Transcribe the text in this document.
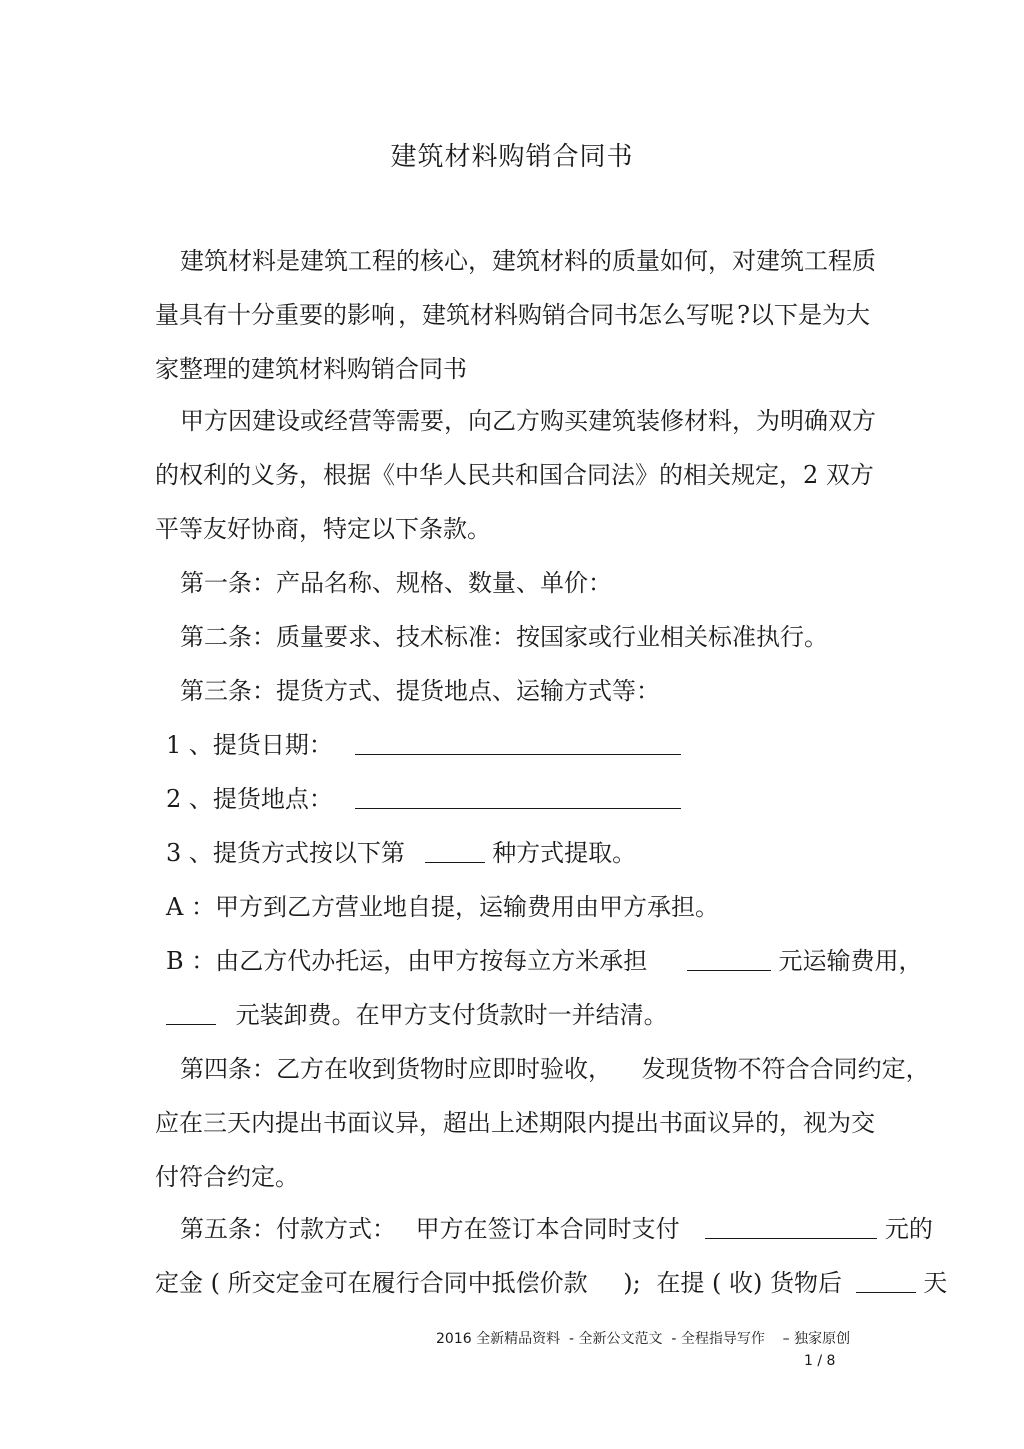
建筑材料购销合同书
建筑材料是建筑工程的核心 ，建筑材料的质量如何 ，对建筑工程质
量具有十分重要的影响 ，建筑材料购销合同书怎么写呢 ?以下是为大
家整理的建筑材料购销合同书
甲方因建设或经营等需要， 向乙方购买建筑装修材料， 为明确双方
的权利的义务，根据《中华人民共和国合同法》的相关规定， 2 双方
平等友好协商，特定以下条款。
第一条：产品名称、规格、数量、单价：
第二条：质量要求、技术标准：按国家或行业相关标准执行。
第三条：提货方式、提货地点、运输方式等：
1 、提货日期：
2 、提货地点：
3 、提货方式按以下第	种方式提取。
A ：甲方到乙方营业地自提，运输费用由甲方承担。
B ：由乙方代办托运，由甲方按每立方米承担	元运输费用，
元装卸费。在甲方支付货款时一并结清。
第四条：乙方在收到货物时应即时验收， 发现货物不符合合同约定，
应在三天内提出书面议异， 超出上述期限内提出书面议异的， 视为交
付符合约定。
第五条：付款方式： 甲方在签订本合同时支付	元的
定金 ( 所交定金可在履行合同中抵偿价款 ); 在提 ( 收) 货物后	天
2016 全新精品资料  - 全新公文范文  - 全程指导写作    – 独家原创
1 / 8
